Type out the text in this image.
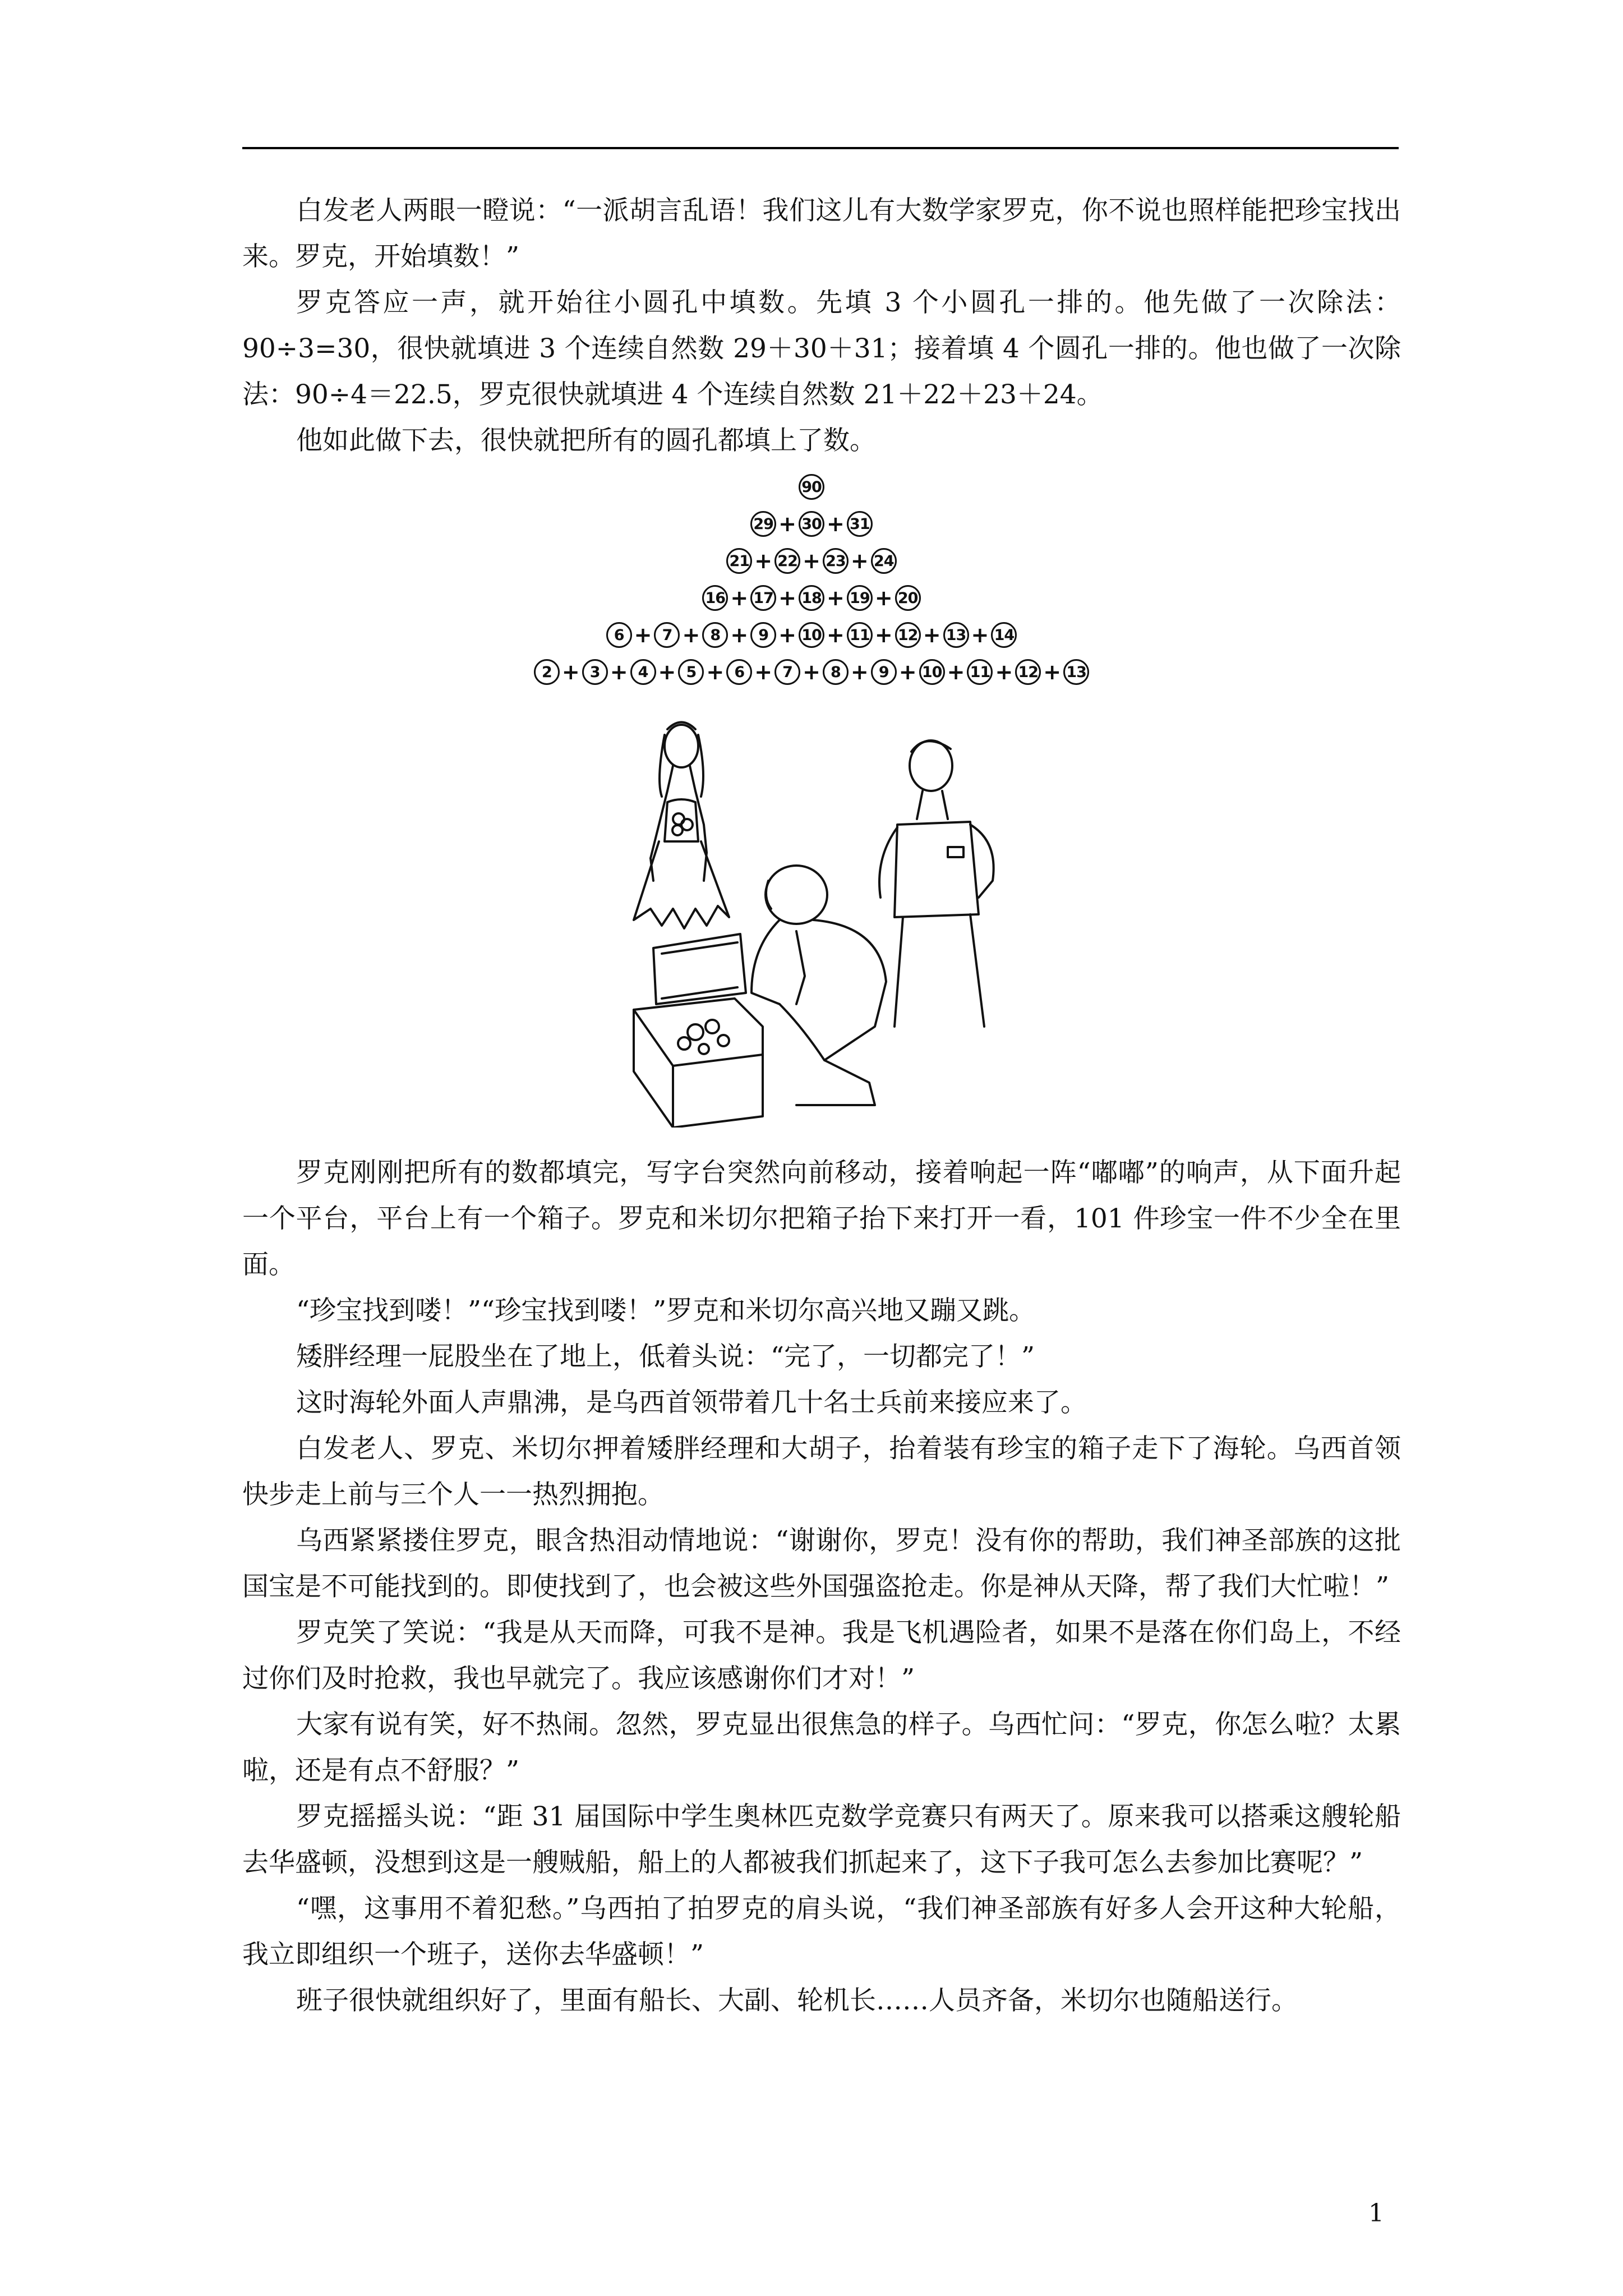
白发老人两眼一瞪说：“一派胡言乱语！我们这儿有大数学家罗克，你不说也照样能把珍宝找出来。罗克，开始填数！”

罗克答应一声，就开始往小圆孔中填数。先填 3 个小圆孔一排的。他先做了一次除法：90÷3=30，很快就填进 3 个连续自然数 29＋30＋31；接着填 4 个圆孔一排的。他也做了一次除法：90÷4＝22.5，罗克很快就填进 4 个连续自然数 21＋22＋23＋24。

他如此做下去，很快就把所有的圆孔都填上了数。

90
29 + 30 + 31
21 + 22 + 23 + 24
16 + 17 + 18 + 19 + 20
6 + 7 + 8 + 9 + 10 + 11 + 12 + 13 + 14
2 + 3 + 4 + 5 + 6 + 7 + 8 + 9 + 10 + 11 + 12 + 13

罗克刚刚把所有的数都填完，写字台突然向前移动，接着响起一阵“嘟嘟”的响声，从下面升起一个平台，平台上有一个箱子。罗克和米切尔把箱子抬下来打开一看，101 件珍宝一件不少全在里面。

“珍宝找到喽！”“珍宝找到喽！”罗克和米切尔高兴地又蹦又跳。

矮胖经理一屁股坐在了地上，低着头说：“完了，一切都完了！”

这时海轮外面人声鼎沸，是乌西首领带着几十名士兵前来接应来了。

白发老人、罗克、米切尔押着矮胖经理和大胡子，抬着装有珍宝的箱子走下了海轮。乌西首领快步走上前与三个人一一热烈拥抱。

乌西紧紧搂住罗克，眼含热泪动情地说：“谢谢你，罗克！没有你的帮助，我们神圣部族的这批国宝是不可能找到的。即使找到了，也会被这些外国强盗抢走。你是神从天降，帮了我们大忙啦！”

罗克笑了笑说：“我是从天而降，可我不是神。我是飞机遇险者，如果不是落在你们岛上，不经过你们及时抢救，我也早就完了。我应该感谢你们才对！”

大家有说有笑，好不热闹。忽然，罗克显出很焦急的样子。乌西忙问：“罗克，你怎么啦？太累啦，还是有点不舒服？”

罗克摇摇头说：“距 31 届国际中学生奥林匹克数学竞赛只有两天了。原来我可以搭乘这艘轮船去华盛顿，没想到这是一艘贼船，船上的人都被我们抓起来了，这下子我可怎么去参加比赛呢？”

“嘿，这事用不着犯愁。”乌西拍了拍罗克的肩头说，“我们神圣部族有好多人会开这种大轮船，我立即组织一个班子，送你去华盛顿！”

班子很快就组织好了，里面有船长、大副、轮机长……人员齐备，米切尔也随船送行。

1
